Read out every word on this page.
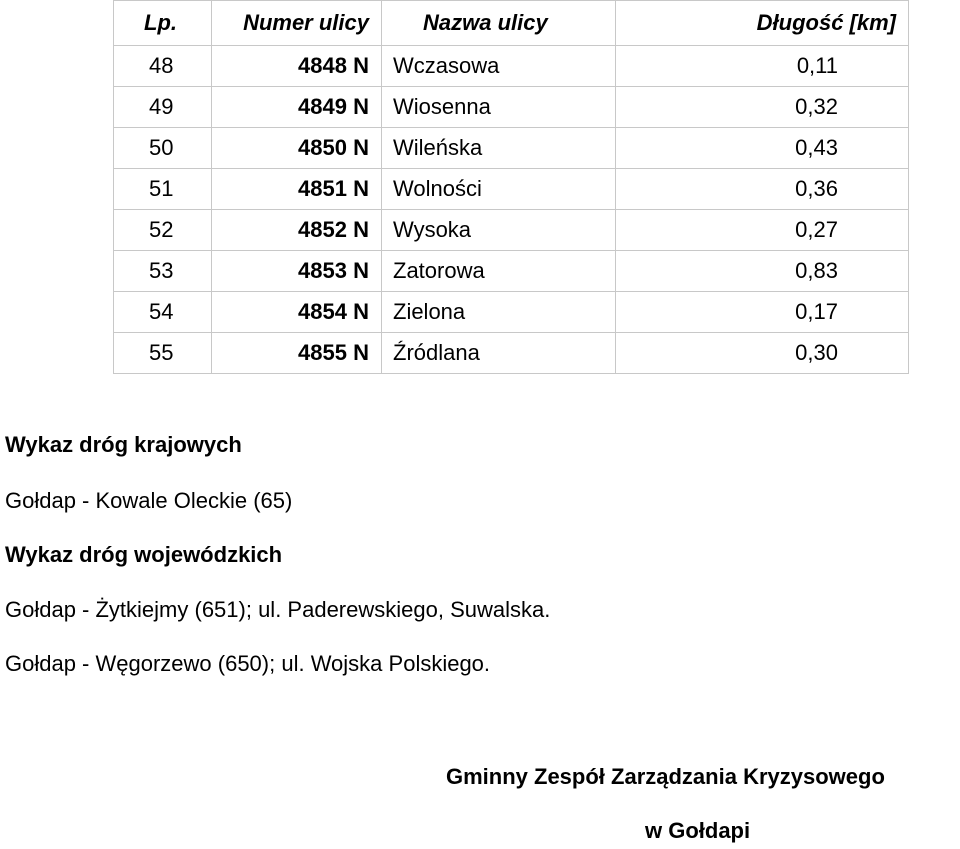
Lp.	Numer ulicy	Nazwa ulicy	Długość [km]
48	4848 N	Wczasowa	0,11
49	4849 N	Wiosenna	0,32
50	4850 N	Wileńska	0,43
51	4851 N	Wolności	0,36
52	4852 N	Wysoka	0,27
53	4853 N	Zatorowa	0,83
54	4854 N	Zielona	0,17
55	4855 N	Źródlana	0,30
Wykaz dróg krajowych
Gołdap - Kowale Oleckie (65)
Wykaz dróg wojewódzkich
Gołdap - Żytkiejmy (651); ul. Paderewskiego, Suwalska.
Gołdap - Węgorzewo (650); ul. Wojska Polskiego.
Gminny Zespół Zarządzania Kryzysowego
w Gołdapi
